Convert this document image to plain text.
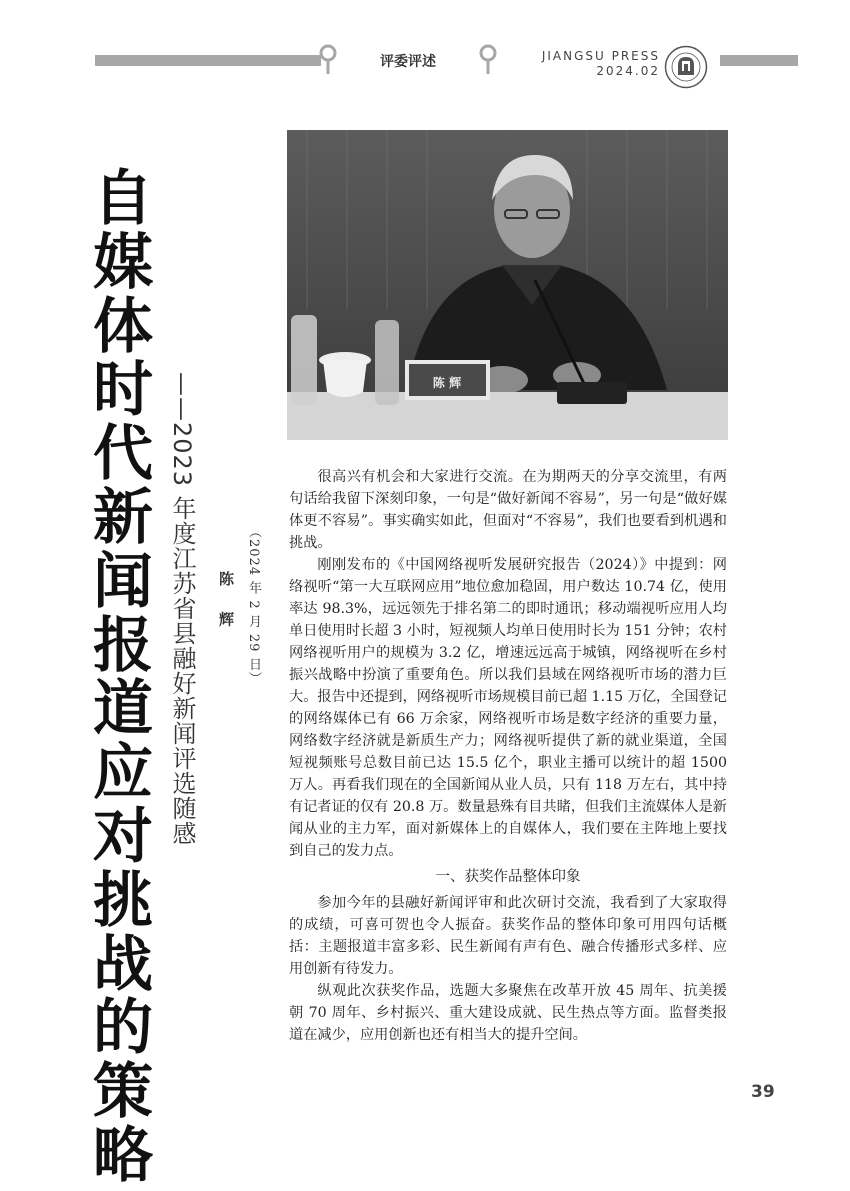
评委评述	JIANGSU PRESS
2024.02
自
媒
体
时
代
新
闻
报
道
应
对
挑
战
的
策
略
——2023 年度江苏省县融好新闻评选随感 陈 辉 （2024 年 2 月 29 日）
陈 辉

很高兴有机会和大家进行交流。在为期两天的分享交流里，有两句话给我留下深刻印象，一句是“做好新闻不容易”，另一句是“做好媒体更不容易”。事实确实如此，但面对“不容易”，我们也要看到机遇和挑战。

刚刚发布的《中国网络视听发展研究报告（2024）》中提到：网络视听“第一大互联网应用”地位愈加稳固，用户数达 10.74 亿，使用率达 98.3%，远远领先于排名第二的即时通讯；移动端视听应用人均单日使用时长超 3 小时，短视频人均单日使用时长为 151 分钟；农村网络视听用户的规模为 3.2 亿，增速远远高于城镇，网络视听在乡村振兴战略中扮演了重要角色。所以我们县域在网络视听市场的潜力巨大。报告中还提到，网络视听市场规模目前已超 1.15 万亿，全国登记的网络媒体已有 66 万余家，网络视听市场是数字经济的重要力量，网络数字经济就是新质生产力；网络视听提供了新的就业渠道，全国短视频账号总数目前已达 15.5 亿个，职业主播可以统计的超 1500 万人。再看我们现在的全国新闻从业人员，只有 118 万左右，其中持有记者证的仅有 20.8 万。数量悬殊有目共睹，但我们主流媒体人是新闻从业的主力军，面对新媒体上的自媒体人，我们要在主阵地上要找到自己的发力点。

一、获奖作品整体印象

参加今年的县融好新闻评审和此次研讨交流，我看到了大家取得的成绩，可喜可贺也令人振奋。获奖作品的整体印象可用四句话概括：主题报道丰富多彩、民生新闻有声有色、融合传播形式多样、应用创新有待发力。

纵观此次获奖作品，选题大多聚焦在改革开放 45 周年、抗美援朝 70 周年、乡村振兴、重大建设成就、民生热点等方面。监督类报道在减少，应用创新也还有相当大的提升空间。

39
